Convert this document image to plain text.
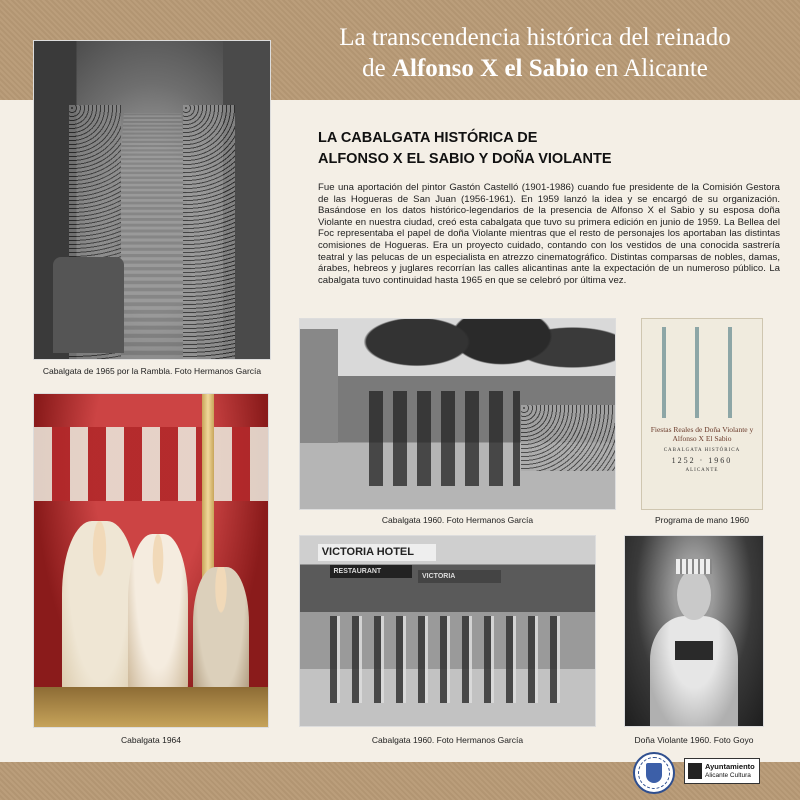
La transcendencia histórica del reinado
de Alfonso X el Sabio en Alicante
LA CABALGATA HISTÓRICA DE
ALFONSO X EL SABIO Y DOÑA VIOLANTE
Fue una aportación del pintor Gastón Castelló (1901-1986) cuando fue presidente de la Comisión Gestora de las Hogueras de San Juan (1956-1961). En 1959 lanzó la idea y se encargó de su organización. Basándose en los datos histórico-legendarios de la presencia de Alfonso X el Sabio y su esposa doña Violante en nuestra ciudad, creó esta cabalgata que tuvo su primera edición en junio de 1959. La Bellea del Foc representaba el papel de doña Violante mientras que el resto de personajes los aportaban las distintas comisiones de Hogueras. Era un proyecto cuidado, contando con los vestidos de una conocida sastrería teatral y las pelucas de un especialista en atrezzo cinematográfico. Distintas comparsas de nobles, damas, árabes, hebreos y juglares recorrían las calles alicantinas ante la expectación de un numeroso público. La cabalgata tuvo continuidad hasta 1965 en que se celebró por última vez.
Cabalgata de 1965 por la Rambla. Foto Hermanos García
Cabalgata 1964
Cabalgata 1960. Foto Hermanos García
Fiestas Reales de Doña Violante y Alfonso X El Sabio
CABALGATA HISTÓRICA
1252 · 1960
ALICANTE
Programa de mano 1960
VICTORIA HOTEL
RESTAURANT
VICTORIA
Cabalgata 1960. Foto Hermanos García	Doña Violante 1960. Foto Goyo
Ayuntamiento
Alicante Cultura
